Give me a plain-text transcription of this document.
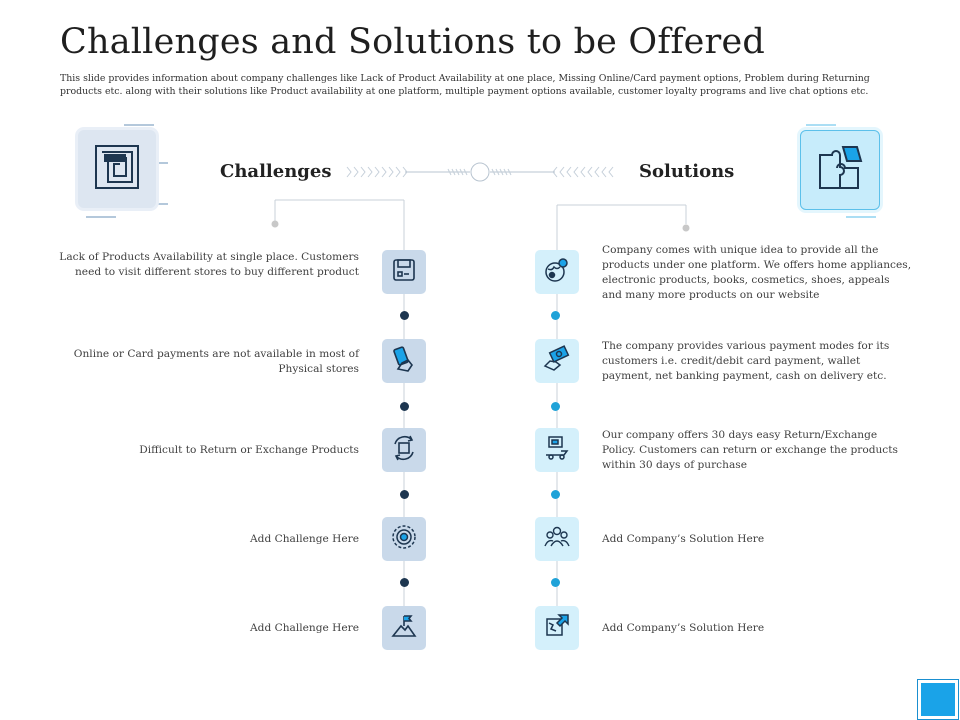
Challenges and Solutions to be Offered
This slide provides information about company challenges like Lack of Product Availability at one place, Missing Online/Card payment options, Problem during Returning products etc. along with their solutions like Product availability at one platform, multiple payment options available, customer loyalty programs and live chat options etc.
Challenges	Solutions
Lack of Products Availability at single place. Customers need to visit different stores to buy different product
Online or Card payments are not available in most of Physical stores
Difficult to Return or Exchange Products
Add Challenge Here
Add Challenge Here
Company comes with unique idea to provide all the products under one platform. We offers home appliances, electronic products, books, cosmetics, shoes, appeals and many more products on our website
The company provides various payment modes for its customers i.e. credit/debit card payment, wallet payment, net banking payment, cash on delivery etc.
Our company offers 30 days easy Return/Exchange Policy. Customers can return or exchange the products within 30 days of purchase
Add Company’s Solution Here
Add Company’s Solution Here
